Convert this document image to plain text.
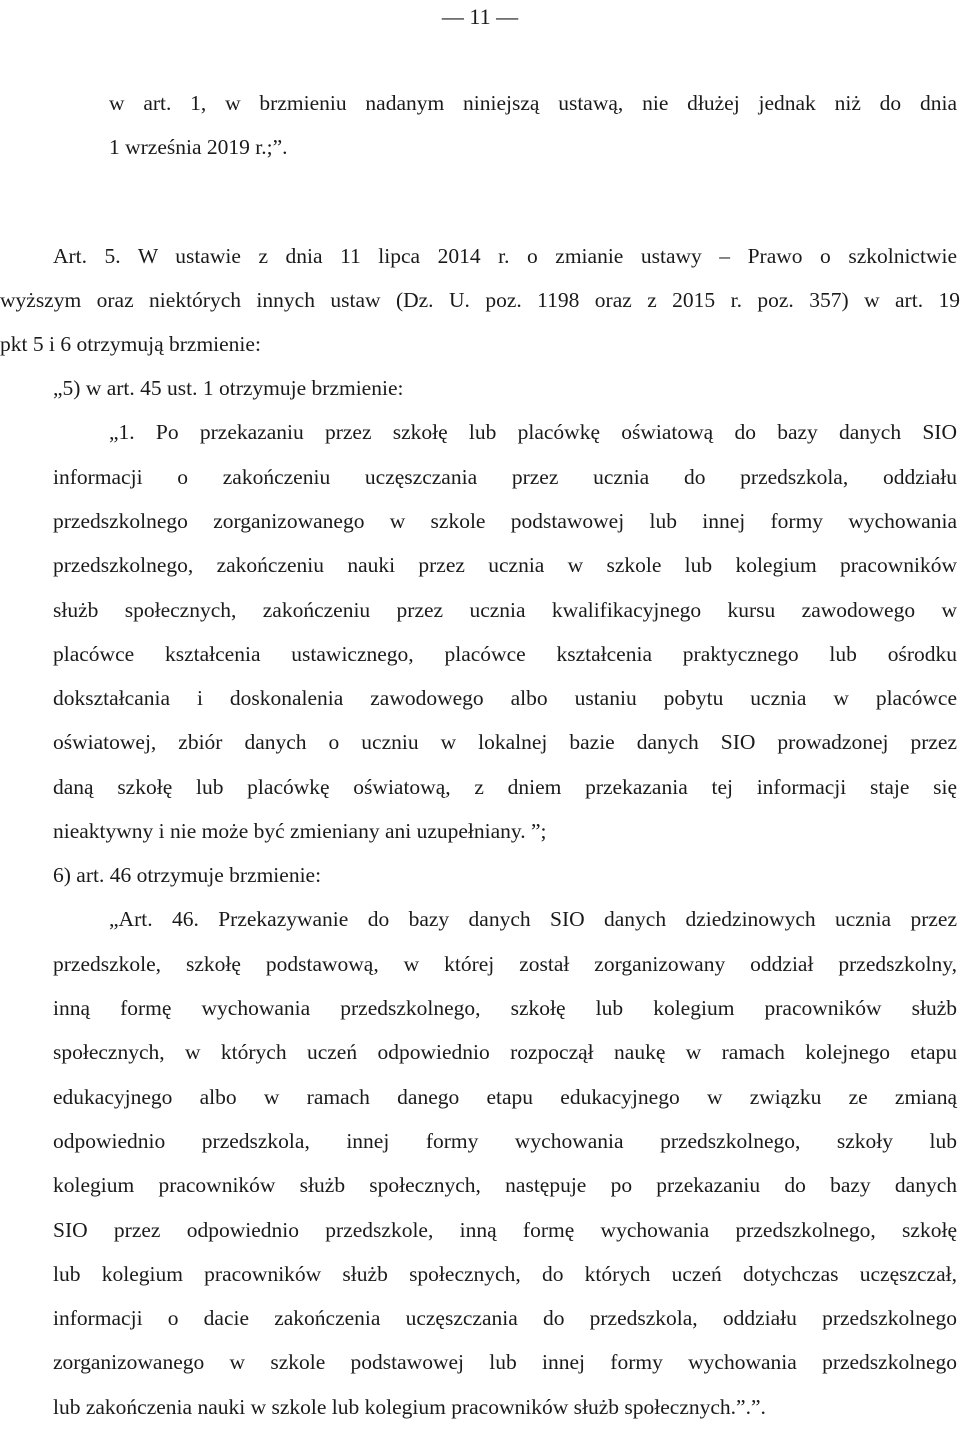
— 11 —
w art. 1, w brzmieniu nadanym niniejszą ustawą, nie dłużej jednak niż do dnia
1 września 2019 r.;”.
Art. 5. W ustawie z dnia 11 lipca 2014 r. o zmianie ustawy – Prawo o szkolnictwie
wyższym oraz niektórych innych ustaw (Dz. U. poz. 1198 oraz z 2015 r. poz. 357) w art. 19
pkt 5 i 6 otrzymują brzmienie:
„5) w art. 45 ust. 1 otrzymuje brzmienie:
„1. Po przekazaniu przez szkołę lub placówkę oświatową do bazy danych SIO
informacji o zakończeniu uczęszczania przez ucznia do przedszkola, oddziału
przedszkolnego zorganizowanego w szkole podstawowej lub innej formy wychowania
przedszkolnego, zakończeniu nauki przez ucznia w szkole lub kolegium pracowników
służb społecznych, zakończeniu przez ucznia kwalifikacyjnego kursu zawodowego w
placówce kształcenia ustawicznego, placówce kształcenia praktycznego lub ośrodku
dokształcania i doskonalenia zawodowego albo ustaniu pobytu ucznia w placówce
oświatowej, zbiór danych o uczniu w lokalnej bazie danych SIO prowadzonej przez
daną szkołę lub placówkę oświatową, z dniem przekazania tej informacji staje się
nieaktywny i nie może być zmieniany ani uzupełniany. ”;
6) art. 46 otrzymuje brzmienie:
„Art. 46. Przekazywanie do bazy danych SIO danych dziedzinowych ucznia przez
przedszkole, szkołę podstawową, w której został zorganizowany oddział przedszkolny,
inną formę wychowania przedszkolnego, szkołę lub kolegium pracowników służb
społecznych, w których uczeń odpowiednio rozpoczął naukę w ramach kolejnego etapu
edukacyjnego albo w ramach danego etapu edukacyjnego w związku ze zmianą
odpowiednio przedszkola, innej formy wychowania przedszkolnego, szkoły lub
kolegium pracowników służb społecznych, następuje po przekazaniu do bazy danych
SIO przez odpowiednio przedszkole, inną formę wychowania przedszkolnego, szkołę
lub kolegium pracowników służb społecznych, do których uczeń dotychczas uczęszczał,
informacji o dacie zakończenia uczęszczania do przedszkola, oddziału przedszkolnego
zorganizowanego w szkole podstawowej lub innej formy wychowania przedszkolnego
lub zakończenia nauki w szkole lub kolegium pracowników służb społecznych.”.”.
